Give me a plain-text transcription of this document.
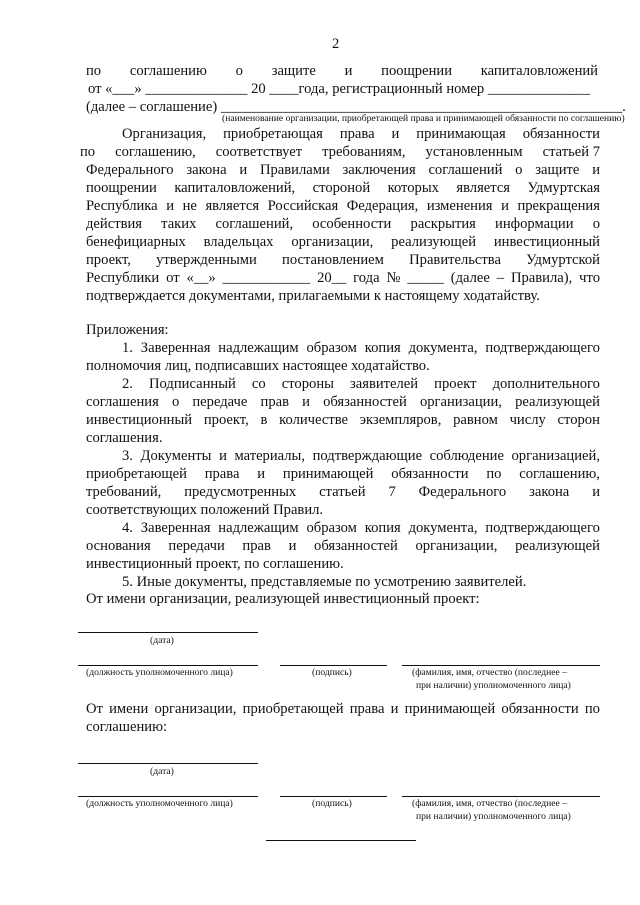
2
по соглашению о защите и поощрении капиталовложений
от «___» ______________ 20 ____года, регистрационный номер ______________
(далее – соглашение) _______________________________________________________.
(наименование организации, приобретающей права и принимающей обязанности по соглашению)
Организация, приобретающая права и принимающая обязанности
по соглашению, соответствует требованиям, установленным статьей 7
Федерального закона и Правилами заключения соглашений о защите и
поощрении капиталовложений, стороной которых является Удмуртская
Республика и не является Российская Федерация, изменения и прекращения
действия таких соглашений, особенности раскрытия информации о
бенефициарных владельцах организации, реализующей инвестиционный
проект, утвержденными постановлением Правительства Удмуртской
Республики от «__» ____________ 20__ года № _____ (далее – Правила), что
подтверждается документами, прилагаемыми к настоящему ходатайству.
Приложения:
1. Заверенная надлежащим образом копия документа, подтверждающего
полномочия лиц, подписавших настоящее ходатайство.
2. Подписанный со стороны заявителей проект дополнительного
соглашения о передаче прав и обязанностей организации, реализующей
инвестиционный проект, в количестве экземпляров, равном числу сторон
соглашения.
3. Документы и материалы, подтверждающие соблюдение организацией,
приобретающей права и принимающей обязанности по соглашению,
требований, предусмотренных статьей 7 Федерального закона и
соответствующих положений Правил.
4. Заверенная надлежащим образом копия документа, подтверждающего
основания передачи прав и обязанностей организации, реализующей
инвестиционный проект, по соглашению.
5. Иные документы, представляемые по усмотрению заявителей.
От имени организации, реализующей инвестиционный проект:
(дата)
(должность уполномоченного лица)	(подпись)	(фамилия, имя, отчество (последнее –
при наличии) уполномоченного лица)
От имени организации, приобретающей права и принимающей обязанности по
соглашению:
(дата)
(должность уполномоченного лица)	(подпись)	(фамилия, имя, отчество (последнее –
при наличии) уполномоченного лица)
